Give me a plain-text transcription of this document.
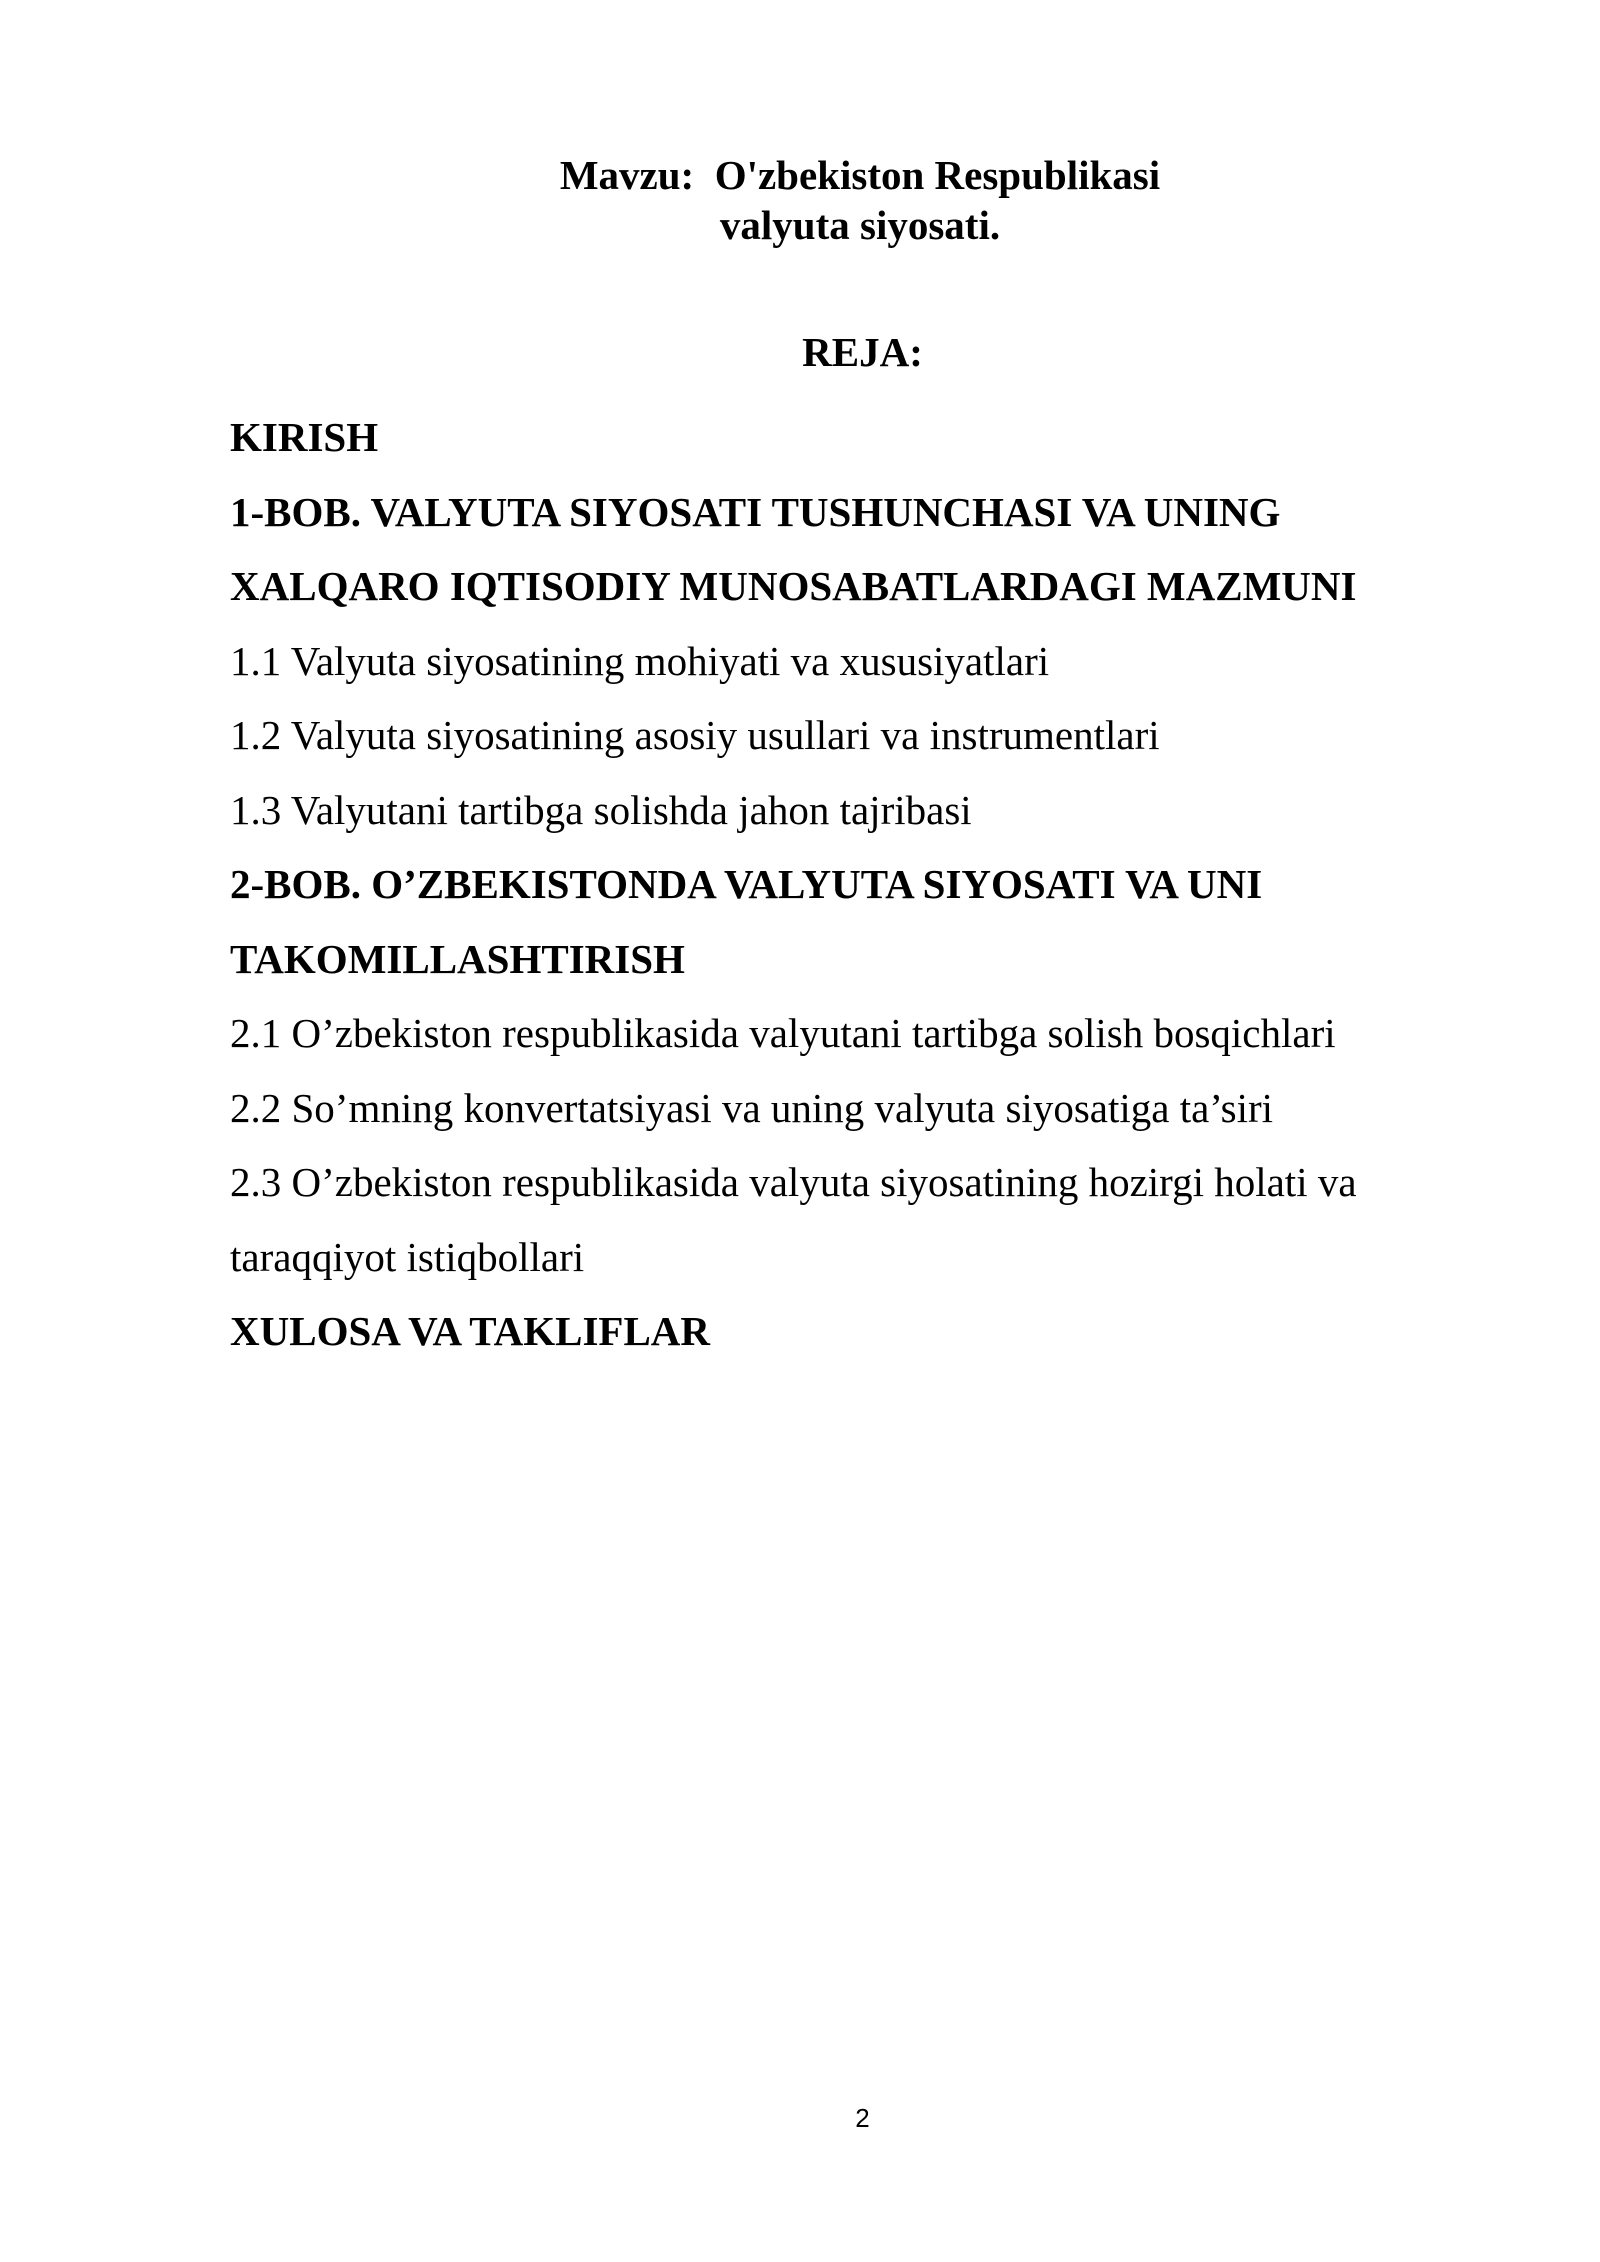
Mavzu:  O'zbekiston Respublikasi
valyuta siyosati.
REJA:
KIRISH
1-BOB. VALYUTA SIYOSATI TUSHUNCHASI VA UNING
XALQARO IQTISODIY MUNOSABATLARDAGI MAZMUNI
1.1 Valyuta siyosatining mohiyati va xususiyatlari
1.2 Valyuta siyosatining asosiy usullari va instrumentlari
1.3 Valyutani tartibga solishda jahon tajribasi
2-BOB. O’ZBEKISTONDA VALYUTA SIYOSATI VA UNI
TAKOMILLASHTIRISH
2.1 O’zbekiston respublikasida valyutani tartibga solish bosqichlari
2.2 So’mning konvertatsiyasi va uning valyuta siyosatiga ta’siri
2.3 O’zbekiston respublikasida valyuta siyosatining hozirgi holati va
taraqqiyot istiqbollari
XULOSA VA TAKLIFLAR
2
